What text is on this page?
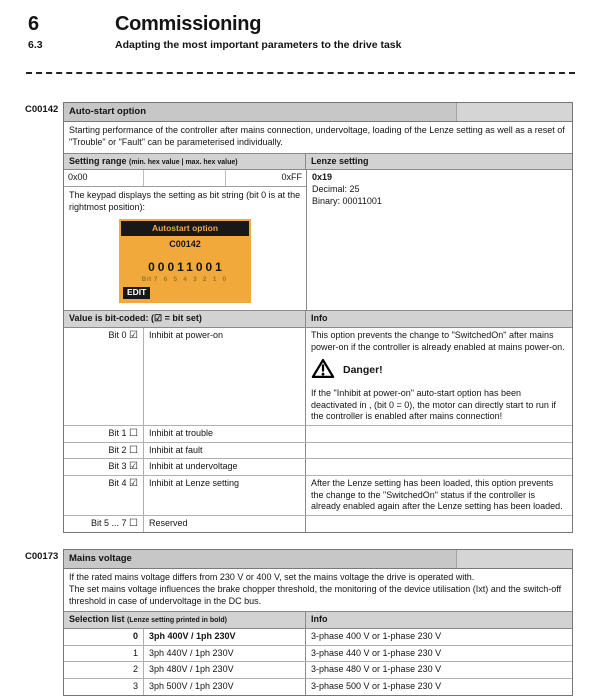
6	Commissioning
6.3	Adapting the most important parameters to the drive task
C00142	Auto-start option
Starting performance of the controller after mains connection, undervoltage, loading of the Lenze setting as well as a reset of "Trouble" or "Fault" can be parameterised individually.
Setting range (min. hex value | max. hex value)	Lenze setting
0x00	0xFF
The keypad displays the setting as bit string (bit 0 is at the rightmost position):
Autostart option
C00142
00011001
Bit 7 6 5 4 3 2 1 0
EDIT
0x19
Decimal: 25
Binary: 00011001
Value is bit-coded: (☑ = bit set)	Info
Bit 0 ☑	Inhibit at power-on	This option prevents the change to "SwitchedOn" after mains power-on if the controller is already enabled at mains power-on.

Danger!

If the "Inhibit at power-on" auto-start option has been deactivated in , (bit 0 = 0), the motor can directly start to run if the controller is enabled after mains connection!

Bit 1 ☐	Inhibit at trouble
Bit 2 ☐	Inhibit at fault
Bit 3 ☑	Inhibit at undervoltage
Bit 4 ☑	Inhibit at Lenze setting	After the Lenze setting has been loaded, this option prevents the change to the "SwitchedOn" status if the controller is already enabled again after the Lenze setting has been loaded.
Bit 5 ... 7 ☐	Reserved
C00173	Mains voltage
If the rated mains voltage differs from 230 V or 400 V, set the mains voltage the drive is operated with.
The set mains voltage influences the brake chopper threshold, the monitoring of the device utilisation (Ixt) and the switch-off threshold in case of undervoltage in the DC bus.
Selection list (Lenze setting printed in bold)	Info
0	3ph 400V / 1ph 230V	3-phase 400 V or 1-phase 230 V
1	3ph 440V / 1ph 230V	3-phase 440 V or 1-phase 230 V
2	3ph 480V / 1ph 230V	3-phase 480 V or 1-phase 230 V
3	3ph 500V / 1ph 230V	3-phase 500 V or 1-phase 230 V
